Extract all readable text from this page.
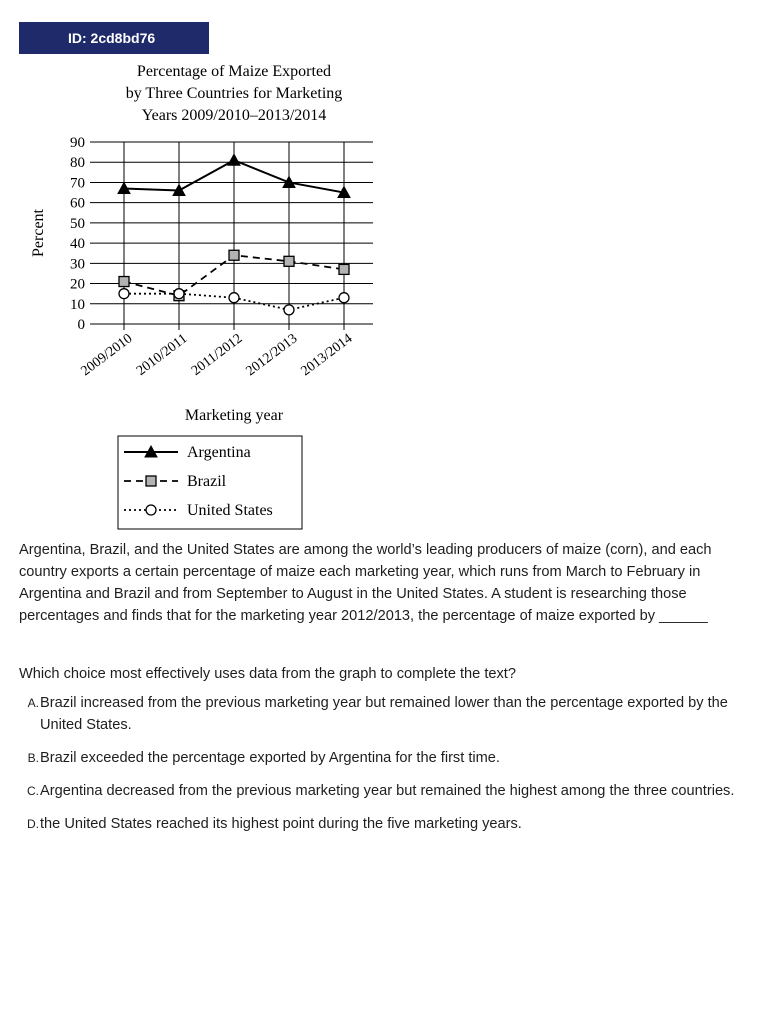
ID: 2cd8bd76
Percentage of Maize Exported
by Three Countries for Marketing
Years 2009/2010–2013/2014
0
10
20
30
40
50
60
70
80
90
2009/2010
2010/2011
2011/2012
2012/2013
2013/2014
Percent
Marketing year
Argentina
Brazil
United States

Argentina, Brazil, and the United States are among the world’s leading producers of maize (corn), and each country exports a certain percentage of maize each marketing year, which runs from March to February in Argentina and Brazil and from September to August in the United States. A student is researching those percentages and finds that for the marketing year 2012/2013, the percentage of maize exported by ______

Which choice most effectively uses data from the graph to complete the text?

A. Brazil increased from the previous marketing year but remained lower than the percentage exported by the United States.
B. Brazil exceeded the percentage exported by Argentina for the first time.
C. Argentina decreased from the previous marketing year but remained the highest among the three countries.
D. the United States reached its highest point during the five marketing years.
